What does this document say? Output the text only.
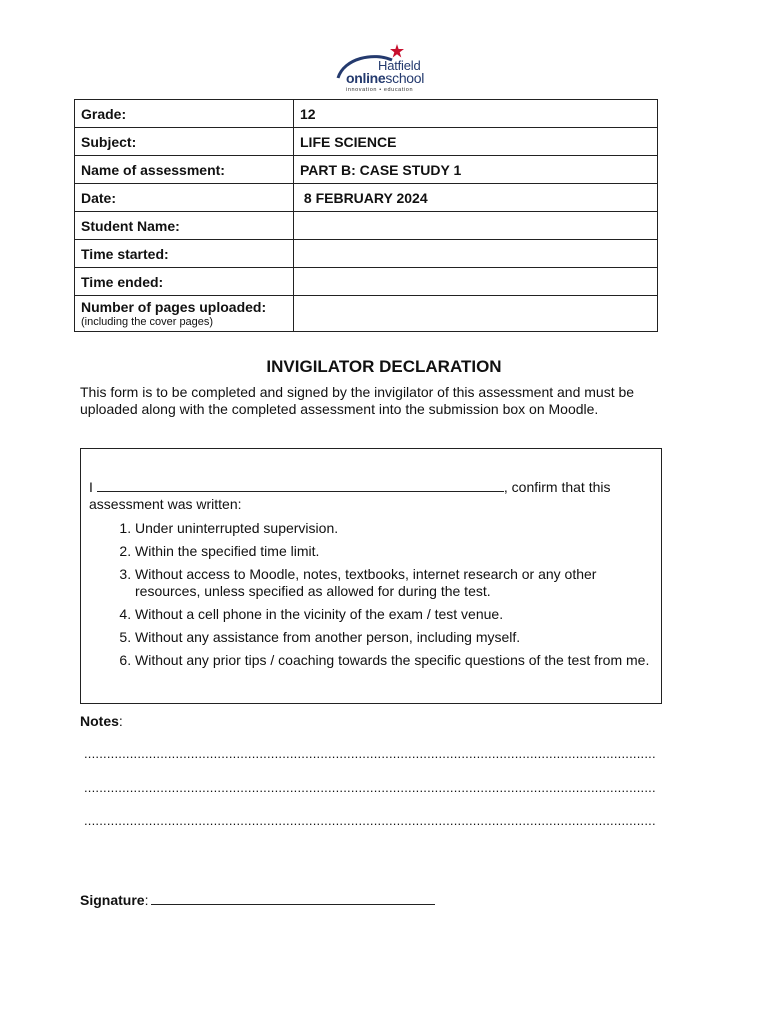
Hatfield
onlineschool
innovation • education
Grade:	12
Subject:	LIFE SCIENCE
Name of assessment:	PART B: CASE STUDY 1
Date:	8 FEBRUARY 2024
Student Name:	
Time started:	
Time ended:	
Number of pages uploaded:
(including the cover pages)	

INVIGILATOR DECLARATION

This form is to be completed and signed by the invigilator of this assessment and must be uploaded along with the completed assessment into the submission box on Moodle.

I	, confirm that this assessment was written:

1. Under uninterrupted supervision.
2. Within the specified time limit.
3. Without access to Moodle, notes, textbooks, internet research or any other resources, unless specified as allowed for during the test.
4. Without a cell phone in the vicinity of the exam / test venue.
5. Without any assistance from another person, including myself.
6. Without any prior tips / coaching towards the specific questions of the test from me.

Notes:

......................................................................................................................................................
......................................................................................................................................................
......................................................................................................................................................

Signature:
